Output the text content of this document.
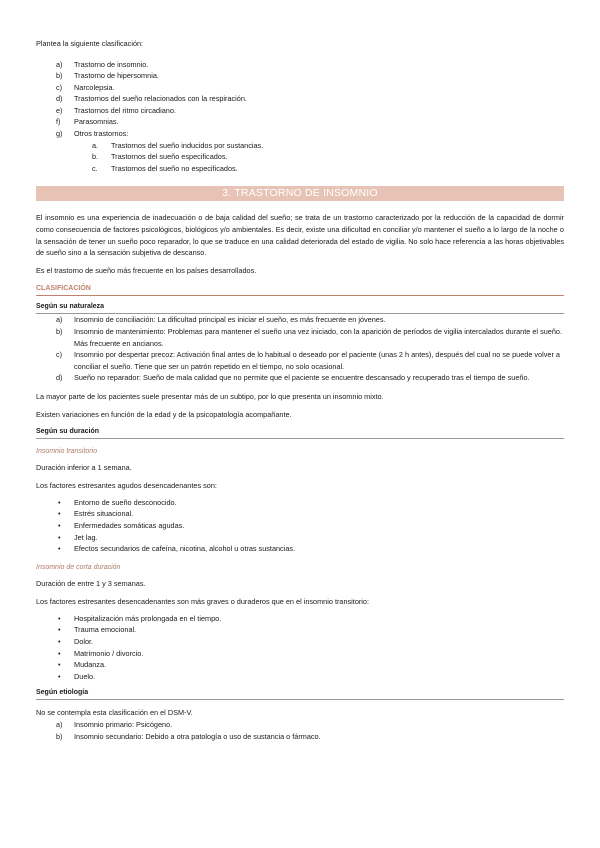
Plantea la siguiente clasificación:

a) Trastorno de insomnio.
b) Trastorno de hipersomnia.
c) Narcolepsia.
d) Trastornos del sueño relacionados con la respiración.
e) Trastornos del ritmo circadiano.
f) Parasomnias.
g) Otros trastornos:
a. Trastornos del sueño inducidos por sustancias.
b. Trastornos del sueño especificados.
c. Trastornos del sueño no especificados.
3. TRASTORNO DE INSOMNIO

El insomnio es una experiencia de inadecuación o de baja calidad del sueño; se trata de un trastorno caracterizado por la reducción de la capacidad de dormir como consecuencia de factores psicológicos, biológicos y/o ambientales. Es decir, existe una dificultad en conciliar y/o mantener el sueño a lo largo de la noche o la sensación de tener un sueño poco reparador, lo que se traduce en una calidad deteriorada del estado de vigilia. No solo hace referencia a las horas objetivables de sueño sino a la sensación subjetiva de descanso.

Es el trastorno de sueño más frecuente en los países desarrollados.

CLASIFICACIÓN
Según su naturaleza
a) Insomnio de conciliación: La dificultad principal es iniciar el sueño, es más frecuente en jóvenes.
b) Insomnio de mantenimiento: Problemas para mantener el sueño una vez iniciado, con la aparición de períodos de vigilia intercalados durante el sueño. Más frecuente en ancianos.
c) Insomnio por despertar precoz: Activación final antes de lo habitual o deseado por el paciente (unas 2 h antes), después del cual no se puede volver a conciliar el sueño. Tiene que ser un patrón repetido en el tiempo, no solo ocasional.
d) Sueño no reparador: Sueño de mala calidad que no permite que el paciente se encuentre descansado y recuperado tras el tiempo de sueño.

La mayor parte de los pacientes suele presentar más de un subtipo, por lo que presenta un insomnio mixto.

Existen variaciones en función de la edad y de la psicopatología acompañante.

Según su duración
Insomnio transitorio

Duración inferior a 1 semana.

Los factores estresantes agudos desencadenantes son:

• Entorno de sueño desconocido.
• Estrés situacional.
• Enfermedades somáticas agudas.
• Jet lag.
• Efectos secundarios de cafeína, nicotina, alcohol u otras sustancias.
Insomnio de corta duración

Duración de entre 1 y 3 semanas.

Los factores estresantes desencadenantes son más graves o duraderos que en el insomnio transitorio:

• Hospitalización más prolongada en el tiempo.
• Trauma emocional.
• Dolor.
• Matrimonio / divorcio.
• Mudanza.
• Duelo.
Según etiología

No se contempla esta clasificación en el DSM-V.

a) Insomnio primario: Psicógeno.
b) Insomnio secundario: Debido a otra patología o uso de sustancia o fármaco.
